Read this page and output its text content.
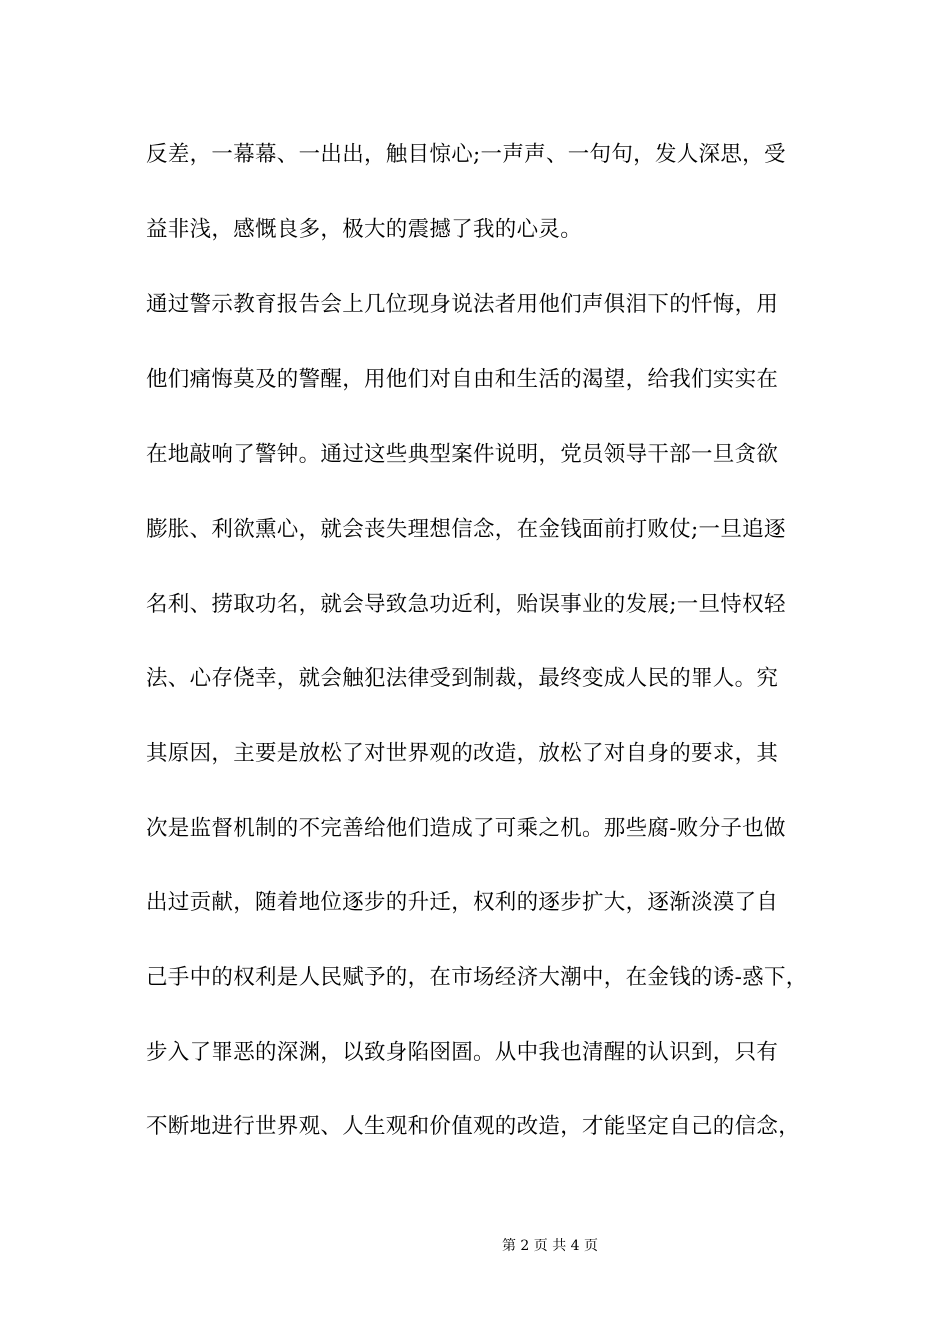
反差，一幕幕、一出出，触目惊心;一声声、一句句，发人深思，受
益非浅，感慨良多，极大的震撼了我的心灵。
通过警示教育报告会上几位现身说法者用他们声俱泪下的忏悔，用
他们痛悔莫及的警醒，用他们对自由和生活的渴望，给我们实实在
在地敲响了警钟。通过这些典型案件说明，党员领导干部一旦贪欲
膨胀、利欲熏心，就会丧失理想信念，在金钱面前打败仗;一旦追逐
名利、捞取功名，就会导致急功近利，贻误事业的发展;一旦恃权轻
法、心存侥幸，就会触犯法律受到制裁，最终变成人民的罪人。究
其原因，主要是放松了对世界观的改造，放松了对自身的要求，其
次是监督机制的不完善给他们造成了可乘之机。那些腐-败分子也做
出过贡献，随着地位逐步的升迁，权利的逐步扩大，逐渐淡漠了自
己手中的权利是人民赋予的，在市场经济大潮中，在金钱的诱-惑下，
步入了罪恶的深渊，以致身陷囹圄。从中我也清醒的认识到，只有
不断地进行世界观、人生观和价值观的改造，才能坚定自己的信念，
第 2 页 共 4 页
